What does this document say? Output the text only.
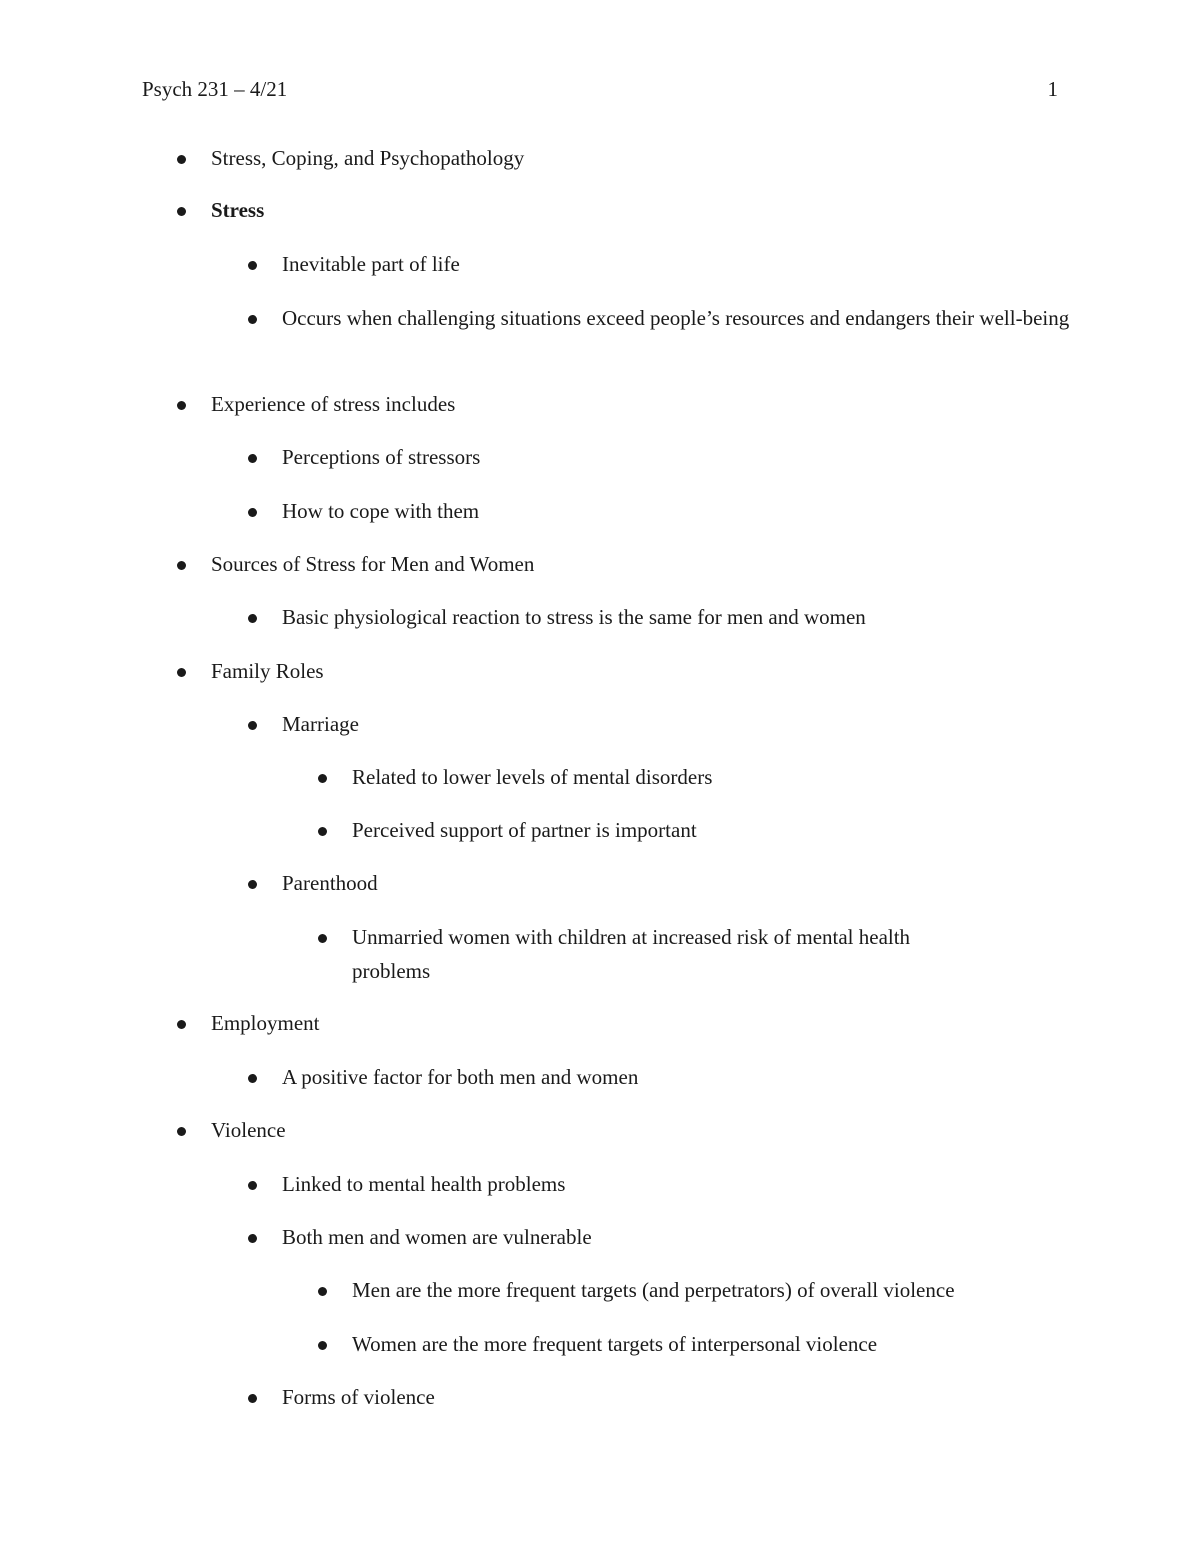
Psych 231 – 4/21	1
Stress, Coping, and Psychopathology
Stress
Inevitable part of life
Occurs when challenging situations exceed people’s resources and endangers their well-being
Experience of stress includes
Perceptions of stressors
How to cope with them
Sources of Stress for Men and Women
Basic physiological reaction to stress is the same for men and women
Family Roles
Marriage
Related to lower levels of mental disorders
Perceived support of partner is important
Parenthood
Unmarried women with children at increased risk of mental health problems
Employment
A positive factor for both men and women
Violence
Linked to mental health problems
Both men and women are vulnerable
Men are the more frequent targets (and perpetrators) of overall violence
Women are the more frequent targets of interpersonal violence
Forms of violence
